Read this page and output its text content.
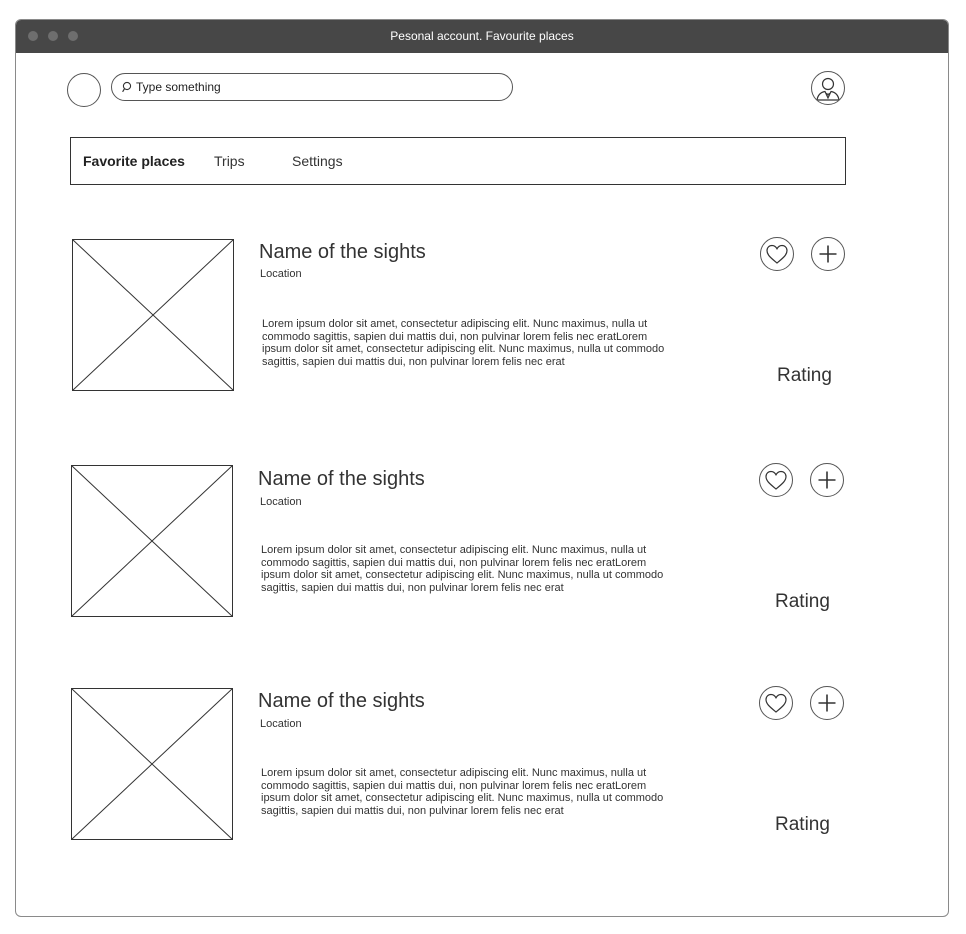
Pesonal account. Favourite places
Type something
Favorite places Trips	Settings
Name of the sights
Location
Lorem ipsum dolor sit amet, consectetur adipiscing elit. Nunc maximus, nulla ut commodo sagittis, sapien dui mattis dui, non pulvinar lorem felis nec eratLorem ipsum dolor sit amet, consectetur adipiscing elit. Nunc maximus, nulla ut commodo sagittis, sapien dui mattis dui, non pulvinar lorem felis nec erat
Rating
Name of the sights
Location
Lorem ipsum dolor sit amet, consectetur adipiscing elit. Nunc maximus, nulla ut commodo sagittis, sapien dui mattis dui, non pulvinar lorem felis nec eratLorem ipsum dolor sit amet, consectetur adipiscing elit. Nunc maximus, nulla ut commodo sagittis, sapien dui mattis dui, non pulvinar lorem felis nec erat
Rating
Name of the sights
Location
Lorem ipsum dolor sit amet, consectetur adipiscing elit. Nunc maximus, nulla ut commodo sagittis, sapien dui mattis dui, non pulvinar lorem felis nec eratLorem ipsum dolor sit amet, consectetur adipiscing elit. Nunc maximus, nulla ut commodo sagittis, sapien dui mattis dui, non pulvinar lorem felis nec erat
Rating
